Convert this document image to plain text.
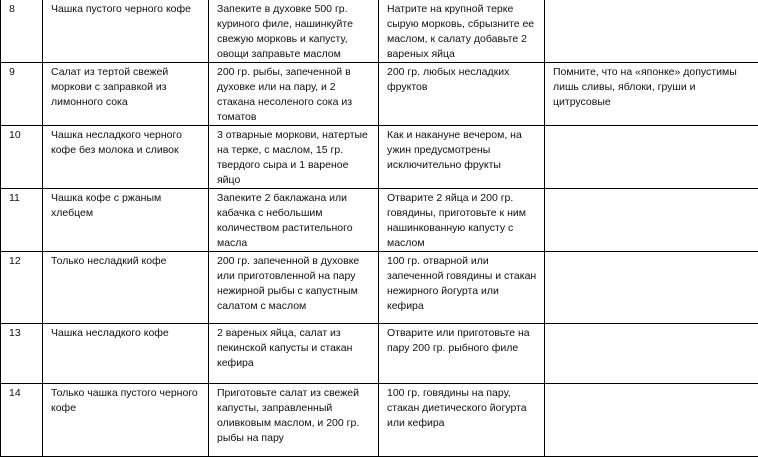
8	Чашка пустого черного кофе	Запеките в духовке 500 гр. куриного филе, нашинкуйте свежую морковь и капусту, овощи заправьте маслом	Натрите на крупной терке сырую морковь, сбрызните ее маслом, к салату добавьте 2 вареных яйца	
9	Салат из тертой свежей моркови с заправкой из лимонного сока	200 гр. рыбы, запеченной в духовке или на пару, и 2 стакана несоленого сока из томатов	200 гр. любых несладких фруктов	Помните, что на «японке» допустимы лишь сливы, яблоки, груши и цитрусовые
10	Чашка несладкого черного кофе без молока и сливок	3 отварные моркови, натертые на терке, с маслом, 15 гр. твердого сыра и 1 вареное яйцо	Как и накануне вечером, на ужин предусмотрены исключительно фрукты	
11	Чашка кофе с ржаным хлебцем	Запеките 2 баклажана или кабачка с небольшим количеством растительного масла	Отварите 2 яйца и 200 гр. говядины, приготовьте к ним нашинкованную капусту с маслом	
12	Только несладкий кофе	200 гр. запеченной в духовке или приготовленной на пару нежирной рыбы с капустным салатом с маслом	100 гр. отварной или запеченной говядины и стакан нежирного йогурта или кефира	
13	Чашка несладкого кофе	2 вареных яйца, салат из пекинской капусты и стакан кефира	Отварите или приготовьте на пару 200 гр. рыбного филе	
14	Только чашка пустого черного кофе	Приготовьте салат из свежей капусты, заправленный оливковым маслом, и 200 гр. рыбы на пару	100 гр. говядины на пару, стакан диетического йогурта или кефира	
